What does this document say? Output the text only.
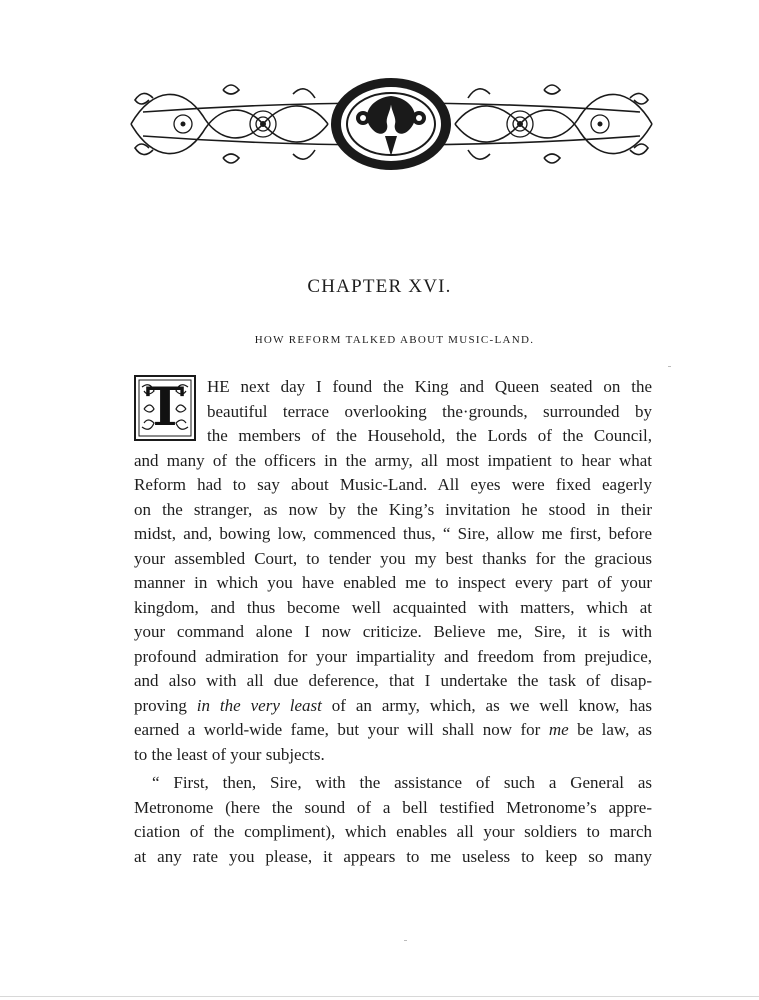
CHAPTER XVI.
HOW REFORM TALKED ABOUT MUSIC-LAND.
T	HE next day I found the King and Queen seated on the
beautiful terrace overlooking the·grounds, surrounded by
the members of the Household, the Lords of the Council,
and many of the officers in the army, all most impatient to hear what
Reform had to say about Music-Land. All eyes were fixed eagerly
on the stranger, as now by the King’s invitation he stood in their
midst, and, bowing low, commenced thus, “ Sire, allow me first, before
your assembled Court, to tender you my best thanks for the gracious
manner in which you have enabled me to inspect every part of your
kingdom, and thus become well acquainted with matters, which at
your command alone I now criticize. Believe me, Sire, it is with
profound admiration for your impartiality and freedom from prejudice,
and also with all due deference, that I undertake the task of disap-
proving in the very least of an army, which, as we well know, has
earned a world-wide fame, but your will shall now for me be law, as
to the least of your subjects.
“ First, then, Sire, with the assistance of such a General as
Metronome (here the sound of a bell testified Metronome’s appre-
ciation of the compliment), which enables all your soldiers to march
at any rate you please, it appears to me useless to keep so many
